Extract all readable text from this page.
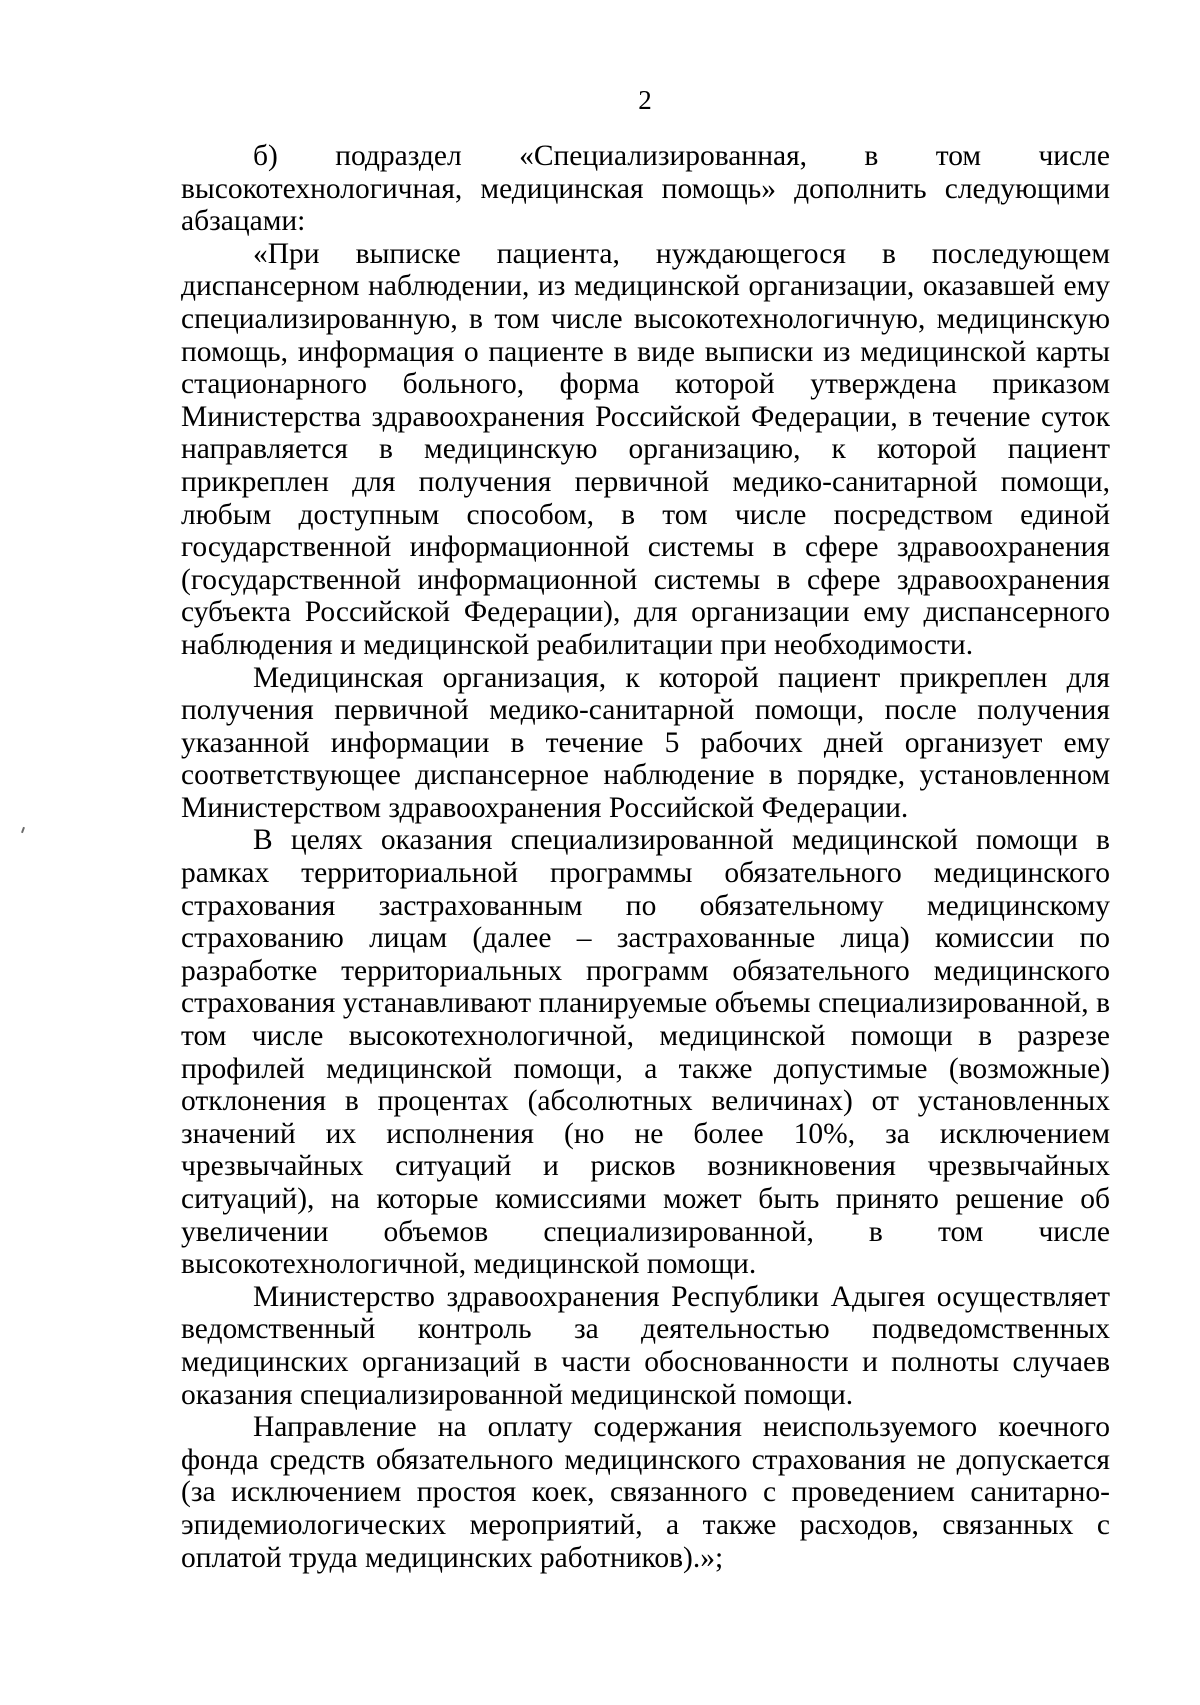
2

б) подраздел «Специализированная, в том числе высокотехнологичная, медицинская помощь» дополнить следующими абзацами:

«При выписке пациента, нуждающегося в последующем диспансерном наблюдении, из медицинской организации, оказавшей ему специализированную, в том числе высокотехнологичную, медицинскую помощь, информация о пациенте в виде выписки из медицинской карты стационарного больного, форма которой утверждена приказом Министерства здравоохранения Российской Федерации, в течение суток направляется в медицинскую организацию, к которой пациент прикреплен для получения первичной медико-санитарной помощи, любым доступным способом, в том числе посредством единой государственной информационной системы в сфере здравоохранения (государственной информационной системы в сфере здравоохранения субъекта Российской Федерации), для организации ему диспансерного наблюдения и медицинской реабилитации при необходимости.

Медицинская организация, к которой пациент прикреплен для получения первичной медико-санитарной помощи, после получения указанной информации в течение 5 рабочих дней организует ему соответствующее диспансерное наблюдение в порядке, установленном Министерством здравоохранения Российской Федерации.

В целях оказания специализированной медицинской помощи в рамках территориальной программы обязательного медицинского страхования застрахованным по обязательному медицинскому страхованию лицам (далее – застрахованные лица) комиссии по разработке территориальных программ обязательного медицинского страхования устанавливают планируемые объемы специализированной, в том числе высокотехнологичной, медицинской помощи в разрезе профилей медицинской помощи, а также допустимые (возможные) отклонения в процентах (абсолютных величинах) от установленных значений их исполнения (но не более 10%, за исключением чрезвычайных ситуаций и рисков возникновения чрезвычайных ситуаций), на которые комиссиями может быть принято решение об увеличении объемов специализированной, в том числе высокотехнологичной, медицинской помощи.

Министерство здравоохранения Республики Адыгея осуществляет ведомственный контроль за деятельностью подведомственных медицинских организаций в части обоснованности и полноты случаев оказания специализированной медицинской помощи.

Направление на оплату содержания неиспользуемого коечного фонда средств обязательного медицинского страхования не допускается (за исключением простоя коек, связанного с проведением санитарно-эпидемиологических мероприятий, а также расходов, связанных с оплатой труда медицинских работников).»;
